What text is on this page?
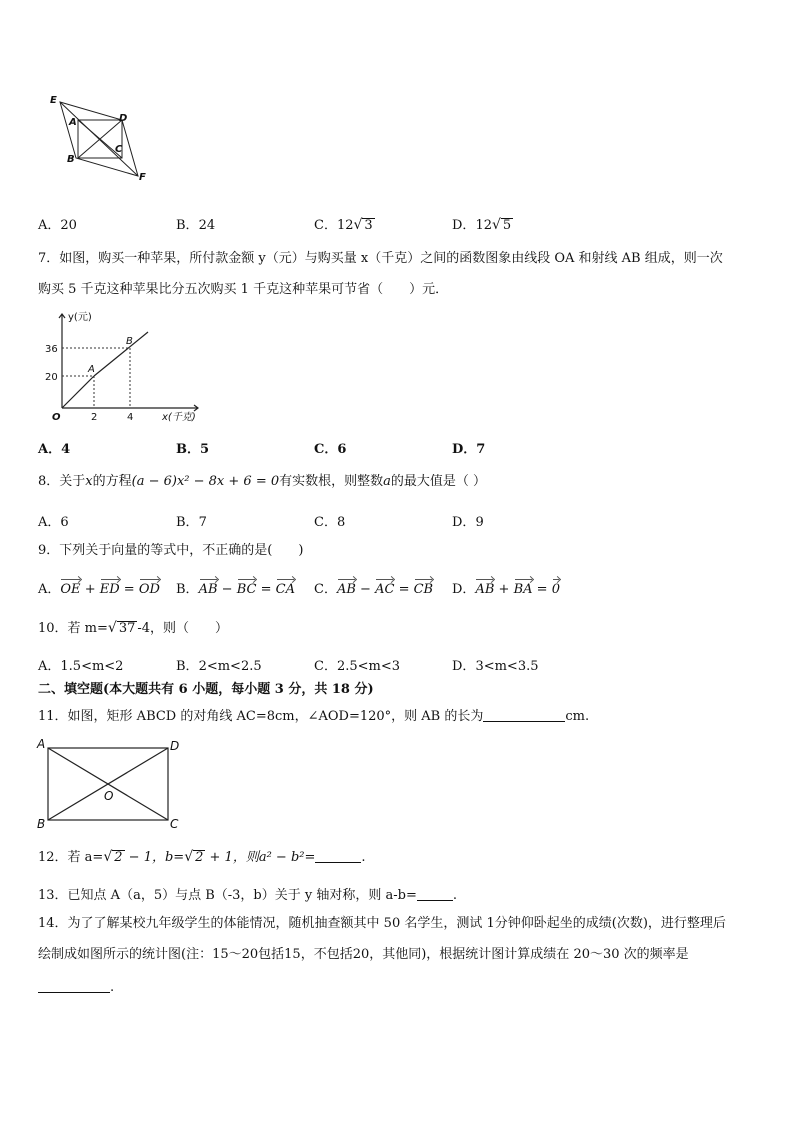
E
A	D
B
C
F
A．20	B．24	C．12√ 3	D．12√ 5
7．如图，购买一种苹果，所付款金额 y（元）与购买量 x（千克）之间的函数图象由线段 OA 和射线 AB 组成，则一次
购买 5 千克这种苹果比分五次购买 1 千克这种苹果可节省（　　）元．
y(元)
x(千克)
36
20
2	4
O
A
B
A．4	B．5	C．6	D．7
8．关于x的方程(a − 6)x² − 8x + 6 = 0有实数根，则整数a的最大值是（ ）
A．6	B．7	C．8	D．9
9．下列关于向量的等式中，不正确的是(　　)
A．OE + ED = OD B．AB − BC = CA C．AB − AC = CB D．AB + BA = 0
10．若 m=√ 37 -4，则（　　）
A．1.5<m<2	B．2<m<2.5	C．2.5<m<3	D．3<m<3.5
二、填空题(本大题共有 6 小题，每小题 3 分，共 18 分)
11．如图，矩形 ABCD 的对角线 AC=8cm，∠AOD=120°，则 AB 的长为	cm.
A	D
B	C
O
12．若 a=√ 2 − 1，b=√ 2 + 1，则a² − b²=	.
13．已知点 A（a，5）与点 B（-3，b）关于 y 轴对称，则 a-b=	.
14．为了了解某校九年级学生的体能情况，随机抽查额其中 50 名学生，测试 1分钟仰卧起坐的成绩(次数)，进行整理后
绘制成如图所示的统计图(注：15～20包括15，不包括20，其他同)，根据统计图计算成绩在 20～30 次的频率是
.
